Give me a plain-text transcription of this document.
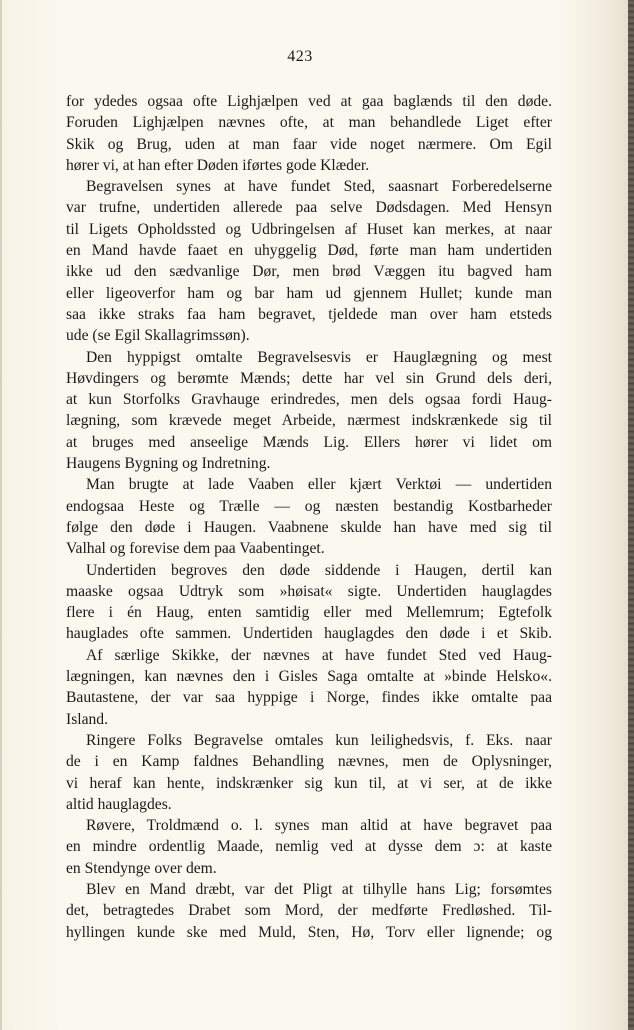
423
for ydedes ogsaa ofte Lighjælpen ved at gaa baglænds til den døde.
Foruden Lighjælpen nævnes ofte, at man behandlede Liget efter
Skik og Brug, uden at man faar vide noget nærmere. Om Egil
hører vi, at han efter Døden iførtes gode Klæder.
Begravelsen synes at have fundet Sted, saasnart Forberedelserne
var trufne, undertiden allerede paa selve Dødsdagen. Med Hensyn
til Ligets Opholdssted og Udbringelsen af Huset kan merkes, at naar
en Mand havde faaet en uhyggelig Død, førte man ham undertiden
ikke ud den sædvanlige Dør, men brød Væggen itu bagved ham
eller ligeoverfor ham og bar ham ud gjennem Hullet; kunde man
saa ikke straks faa ham begravet, tjeldede man over ham etsteds
ude (se Egil Skallagrimssøn).
Den hyppigst omtalte Begravelsesvis er Hauglægning og mest
Høvdingers og berømte Mænds; dette har vel sin Grund dels deri,
at kun Storfolks Gravhauge erindredes, men dels ogsaa fordi Haug-
lægning, som krævede meget Arbeide, nærmest indskrænkede sig til
at bruges med anseelige Mænds Lig. Ellers hører vi lidet om
Haugens Bygning og Indretning.
Man brugte at lade Vaaben eller kjært Verktøi — undertiden
endogsaa Heste og Trælle — og næsten bestandig Kostbarheder
følge den døde i Haugen. Vaabnene skulde han have med sig til
Valhal og forevise dem paa Vaabentinget.
Undertiden begroves den døde siddende i Haugen, dertil kan
maaske ogsaa Udtryk som »høisat« sigte. Undertiden hauglagdes
flere i én Haug, enten samtidig eller med Mellemrum; Egtefolk
hauglades ofte sammen. Undertiden hauglagdes den døde i et Skib.
Af særlige Skikke, der nævnes at have fundet Sted ved Haug-
lægningen, kan nævnes den i Gisles Saga omtalte at »binde Helsko«.
Bautastene, der var saa hyppige i Norge, findes ikke omtalte paa
Island.
Ringere Folks Begravelse omtales kun leilighedsvis, f. Eks. naar
de i en Kamp faldnes Behandling nævnes, men de Oplysninger,
vi heraf kan hente, indskrænker sig kun til, at vi ser, at de ikke
altid hauglagdes.
Røvere, Troldmænd o. l. synes man altid at have begravet paa
en mindre ordentlig Maade, nemlig ved at dysse dem ɔ: at kaste
en Stendynge over dem.
Blev en Mand dræbt, var det Pligt at tilhylle hans Lig; forsømtes
det, betragtedes Drabet som Mord, der medførte Fredløshed. Til-
hyllingen kunde ske med Muld, Sten, Hø, Torv eller lignende; og
